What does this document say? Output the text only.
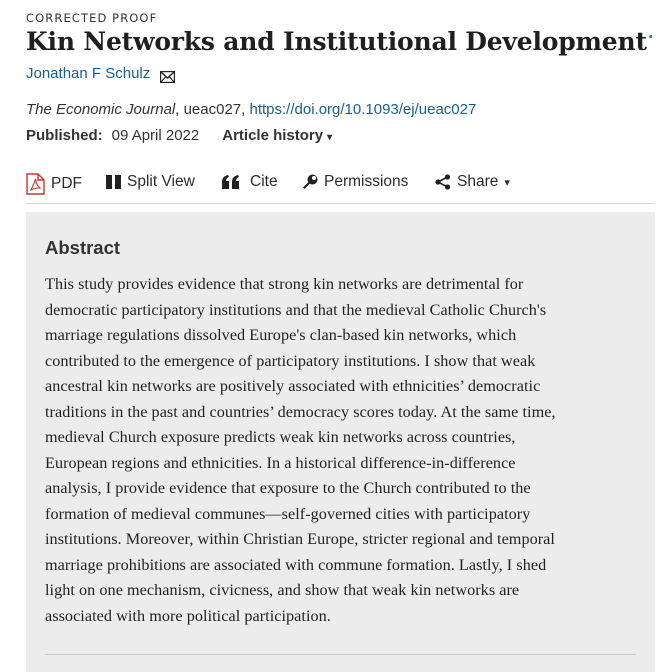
CORRECTED PROOF
Kin Networks and Institutional Development•
Jonathan F Schulz
The Economic Journal, ueac027, https://doi.org/10.1093/ej/ueac027
Published: 09 April 2022 Article history ▾
PDF	Split View	Cite	Permissions	Share ▾
Abstract
This study provides evidence that strong kin networks are detrimental for
democratic participatory institutions and that the medieval Catholic Church's
marriage regulations dissolved Europe's clan-based kin networks, which
contributed to the emergence of participatory institutions. I show that weak
ancestral kin networks are positively associated with ethnicities’ democratic
traditions in the past and countries’ democracy scores today. At the same time,
medieval Church exposure predicts weak kin networks across countries,
European regions and ethnicities. In a historical difference-in-difference
analysis, I provide evidence that exposure to the Church contributed to the
formation of medieval communes—self-governed cities with participatory
institutions. Moreover, within Christian Europe, stricter regional and temporal
marriage prohibitions are associated with commune formation. Lastly, I shed
light on one mechanism, civicness, and show that weak kin networks are
associated with more political participation.
